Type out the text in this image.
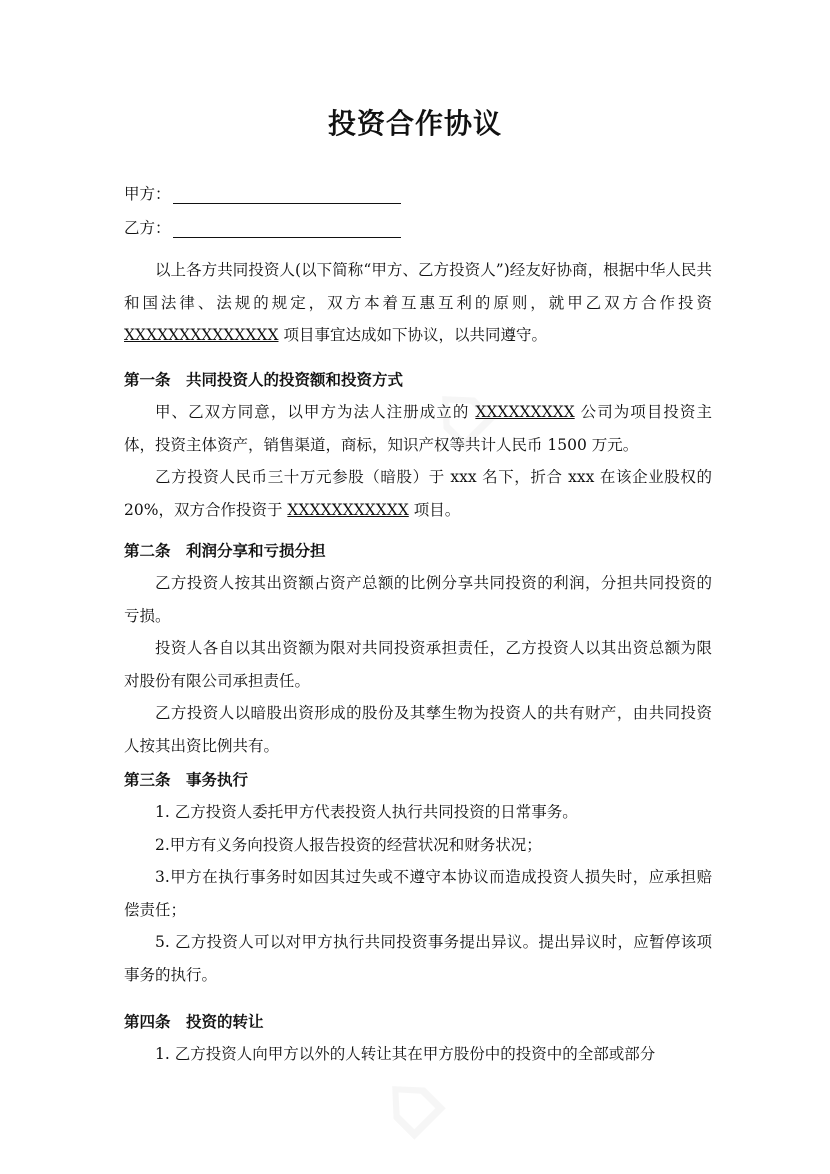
投资合作协议
甲方：
乙方：

以上各方共同投资人(以下简称“甲方、乙方投资人”)经友好协商，根据中华人民共和国法律、法规的规定，双方本着互惠互利的原则，就甲乙双方合作投资 XXXXXXXXXXXXXX 项目事宜达成如下协议，以共同遵守。

第一条　共同投资人的投资额和投资方式

甲、乙双方同意，以甲方为法人注册成立的 XXXXXXXXX 公司为项目投资主体，投资主体资产，销售渠道，商标，知识产权等共计人民币 1500 万元。

乙方投资人民币三十万元参股（暗股）于 xxx 名下，折合 xxx 在该企业股权的 20%，双方合作投资于 XXXXXXXXXXX 项目。

第二条　利润分享和亏损分担

乙方投资人按其出资额占资产总额的比例分享共同投资的利润，分担共同投资的亏损。

投资人各自以其出资额为限对共同投资承担责任，乙方投资人以其出资总额为限对股份有限公司承担责任。

乙方投资人以暗股出资形成的股份及其孳生物为投资人的共有财产，由共同投资人按其出资比例共有。

第三条　事务执行

1. 乙方投资人委托甲方代表投资人执行共同投资的日常事务。

2.甲方有义务向投资人报告投资的经营状况和财务状况；

3.甲方在执行事务时如因其过失或不遵守本协议而造成投资人损失时，应承担赔偿责任；

5. 乙方投资人可以对甲方执行共同投资事务提出异议。提出异议时，应暂停该项事务的执行。

第四条　投资的转让

1. 乙方投资人向甲方以外的人转让其在甲方股份中的投资中的全部或部分
